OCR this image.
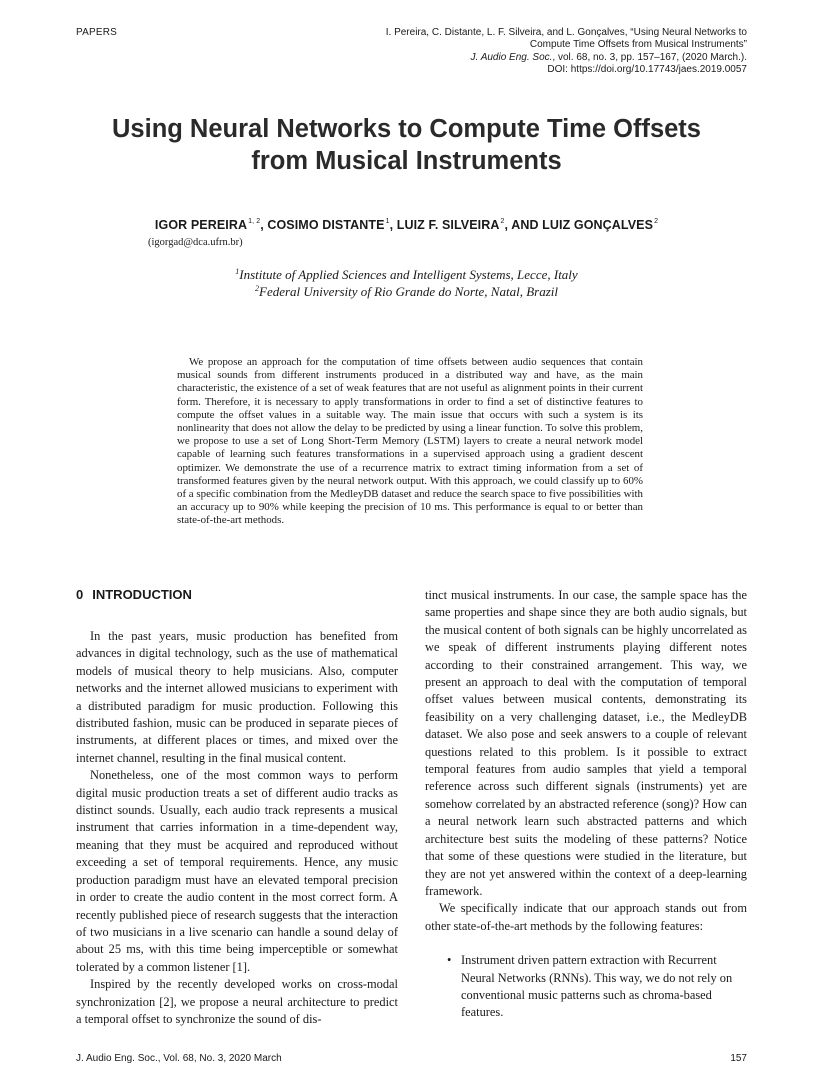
PAPERS	I. Pereira, C. Distante, L. F. Silveira, and L. Gonçalves, “Using Neural Networks to
Compute Time Offsets from Musical Instruments”
J. Audio Eng. Soc., vol. 68, no. 3, pp. 157–167, (2020 March.).
DOI: https://doi.org/10.17743/jaes.2019.0057
Using Neural Networks to Compute Time Offsets
from Musical Instruments
IGOR PEREIRA$^{1, 2}$, COSIMO DISTANTE$^1$, LUIZ F. SILVEIRA$^2$, AND LUIZ GONÇALVES$^2$
(igorgad@dca.ufrn.br)
$^1$Institute of Applied Sciences and Intelligent Systems, Lecce, Italy
$^2$Federal University of Rio Grande do Norte, Natal, Brazil
We propose an approach for the computation of time offsets between audio sequences that contain musical sounds from different instruments produced in a distributed way and have, as the main characteristic, the existence of a set of weak features that are not useful as alignment points in their current form. Therefore, it is necessary to apply transformations in order to find a set of distinctive features to compute the offset values in a suitable way. The main issue that occurs with such a system is its nonlinearity that does not allow the delay to be predicted by using a linear function. To solve this problem, we propose to use a set of Long Short-Term Memory (LSTM) layers to create a neural network model capable of learning such features transformations in a supervised approach using a gradient descent optimizer. We demonstrate the use of a recurrence matrix to extract timing information from a set of transformed features given by the neural network output. With this approach, we could classify up to 60% of a specific combination from the MedleyDB dataset and reduce the search space to five possibilities with an accuracy up to 90% while keeping the precision of 10 ms. This performance is equal to or better than state-of-the-art methods.
0 INTRODUCTION

In the past years, music production has benefited from advances in digital technology, such as the use of mathematical models of musical theory to help musicians. Also, computer networks and the internet allowed musicians to experiment with a distributed paradigm for music production. Following this distributed fashion, music can be produced in separate pieces of instruments, at different places or times, and mixed over the internet channel, resulting in the final musical content.

Nonetheless, one of the most common ways to perform digital music production treats a set of different audio tracks as distinct sounds. Usually, each audio track represents a musical instrument that carries information in a time-dependent way, meaning that they must be acquired and reproduced without exceeding a set of temporal requirements. Hence, any music production paradigm must have an elevated temporal precision in order to create the audio content in the most correct form. A recently published piece of research suggests that the interaction of two musicians in a live scenario can handle a sound delay of about 25 ms, with this time being imperceptible or somewhat tolerated by a common listener [1].

Inspired by the recently developed works on cross-modal synchronization [2], we propose a neural architecture to predict a temporal offset to synchronize the sound of dis-

tinct musical instruments. In our case, the sample space has the same properties and shape since they are both audio signals, but the musical content of both signals can be highly uncorrelated as we speak of different instruments playing different notes according to their constrained arrangement. This way, we present an approach to deal with the computation of temporal offset values between musical contents, demonstrating its feasibility on a very challenging dataset, i.e., the MedleyDB dataset. We also pose and seek answers to a couple of relevant questions related to this problem. Is it possible to extract temporal features from audio samples that yield a temporal reference across such different signals (instruments) yet are somehow correlated by an abstracted reference (song)? How can a neural network learn such abstracted patterns and which architecture best suits the modeling of these patterns? Notice that some of these questions were studied in the literature, but they are not yet answered within the context of a deep-learning framework.

We specifically indicate that our approach stands out from other state-of-the-art methods by the following features:

• Instrument driven pattern extraction with Recurrent Neural Networks (RNNs). This way, we do not rely on conventional music patterns such as chroma-based features.
J. Audio Eng. Soc., Vol. 68, No. 3, 2020 March	157
